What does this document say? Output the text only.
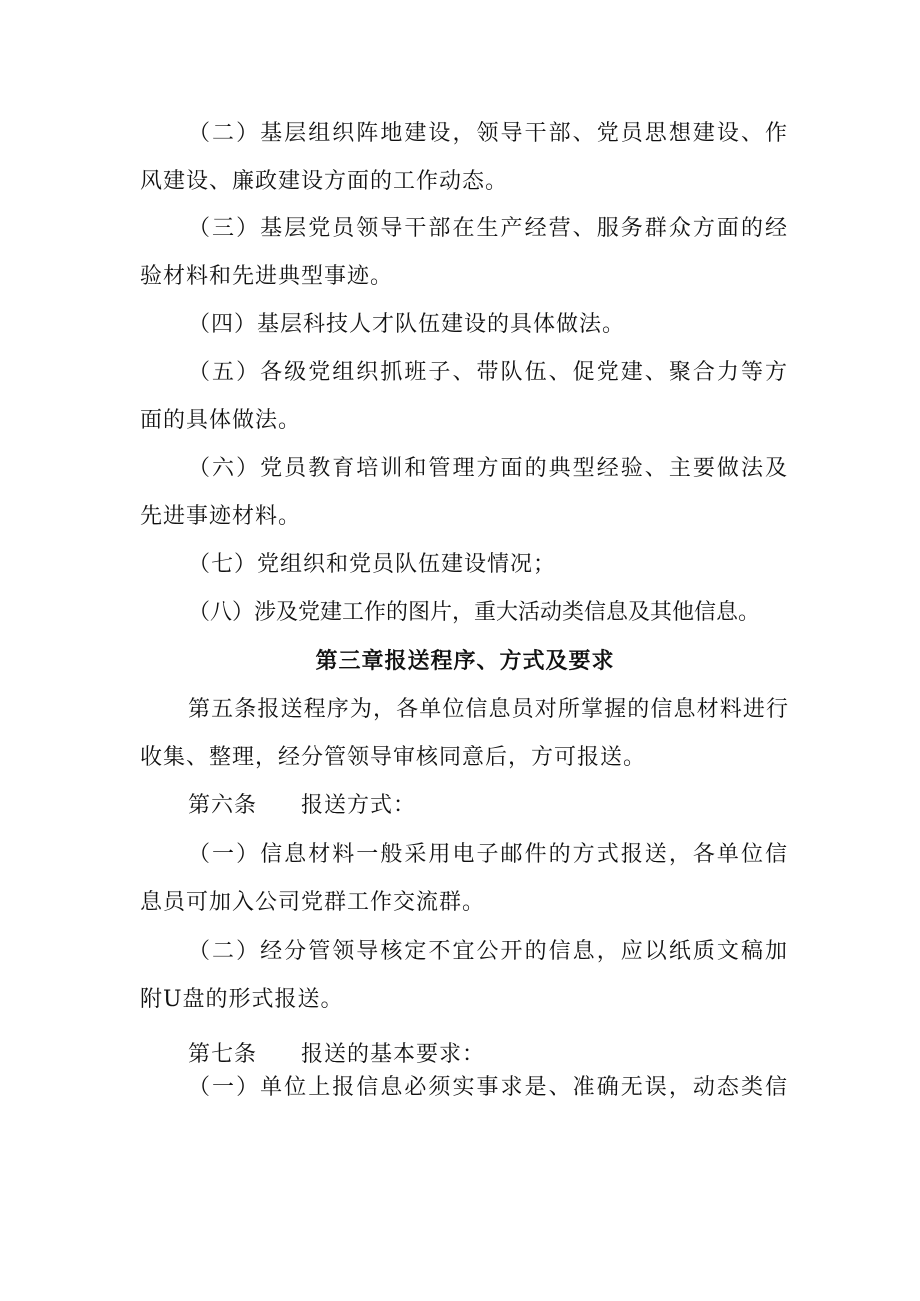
（二）基层组织阵地建设，领导干部、党员思想建设、作
风建设、廉政建设方面的工作动态。
（三）基层党员领导干部在生产经营、服务群众方面的经
验材料和先进典型事迹。
（四）基层科技人才队伍建设的具体做法。
（五）各级党组织抓班子、带队伍、促党建、聚合力等方
面的具体做法。
（六）党员教育培训和管理方面的典型经验、主要做法及
先进事迹材料。
（七）党组织和党员队伍建设情况；
（八）涉及党建工作的图片，重大活动类信息及其他信息。
第三章报送程序、方式及要求
第五条报送程序为，各单位信息员对所掌握的信息材料进行
收集、整理，经分管领导审核同意后，方可报送。
第六条 报送方式：
（一）信息材料一般采用电子邮件的方式报送，各单位信
息员可加入公司党群工作交流群。
（二）经分管领导核定不宜公开的信息，应以纸质文稿加
附U盘的形式报送。
第七条 报送的基本要求：
（一）单位上报信息必须实事求是、准确无误，动态类信
